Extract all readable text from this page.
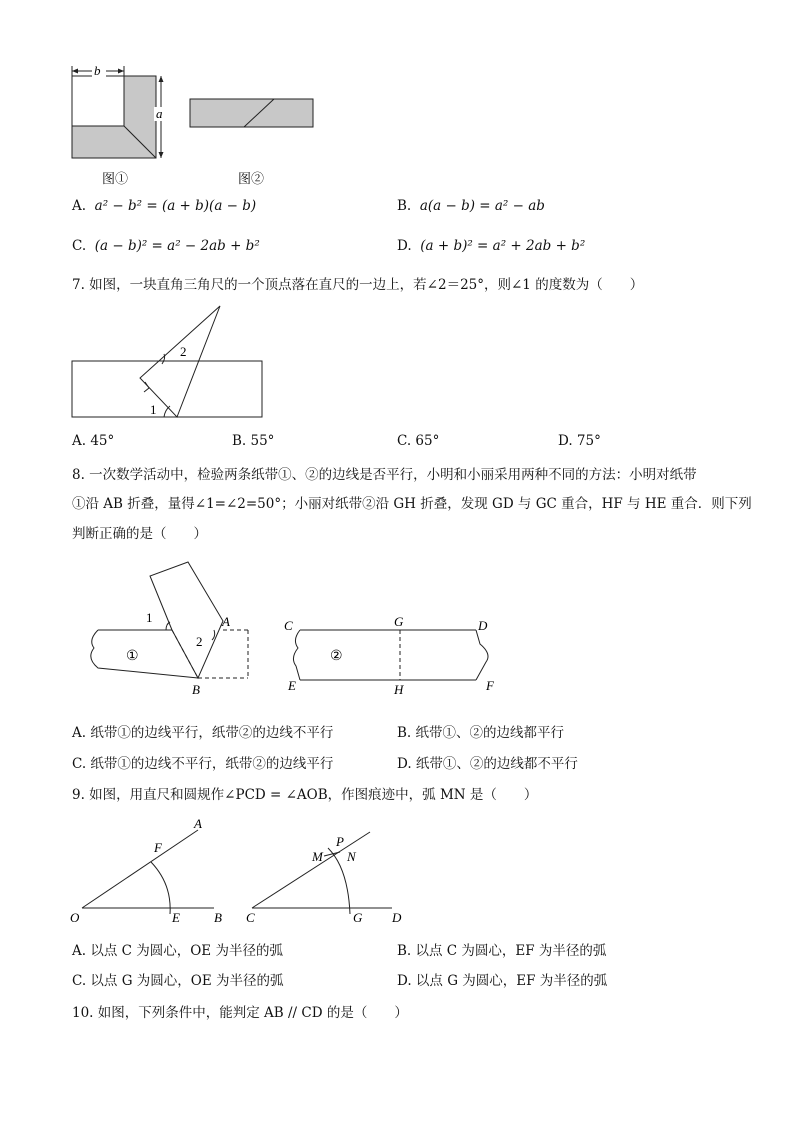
b
a
图①	图②
A. a² − b² = (a + b)(a − b)	B. a(a − b) = a² − ab
C. (a − b)² = a² − 2ab + b²	D. (a + b)² = a² + 2ab + b²
7. 如图，一块直角三角尺的一个顶点落在直尺的一边上，若∠2＝25°，则∠1 的度数为（　　）
2
1
A. 45°	B. 55°	C. 65°	D. 75°
8. 一次数学活动中，检验两条纸带①、②的边线是否平行，小明和小丽采用两种不同的方法：小明对纸带
①沿 AB 折叠，量得∠1=∠2=50°；小丽对纸带②沿 GH 折叠，发现 GD 与 GC 重合，HF 与 HE 重合．则下列
判断正确的是（　　）
1
2
A
B
①
C	G	D
E	H	F
②
A. 纸带①的边线平行，纸带②的边线不平行	B. 纸带①、②的边线都平行
C. 纸带①的边线不平行，纸带②的边线平行	D. 纸带①、②的边线都不平行
9. 如图，用直尺和圆规作∠PCD = ∠AOB，作图痕迹中，弧 MN 是（　　）
A
F
O	E	B
P
M N
C	G D
A. 以点 C 为圆心，OE 为半径的弧	B. 以点 C 为圆心，EF 为半径的弧
C. 以点 G 为圆心，OE 为半径的弧	D. 以点 G 为圆心，EF 为半径的弧
10. 如图，下列条件中，能判定 AB // CD 的是（　　）
